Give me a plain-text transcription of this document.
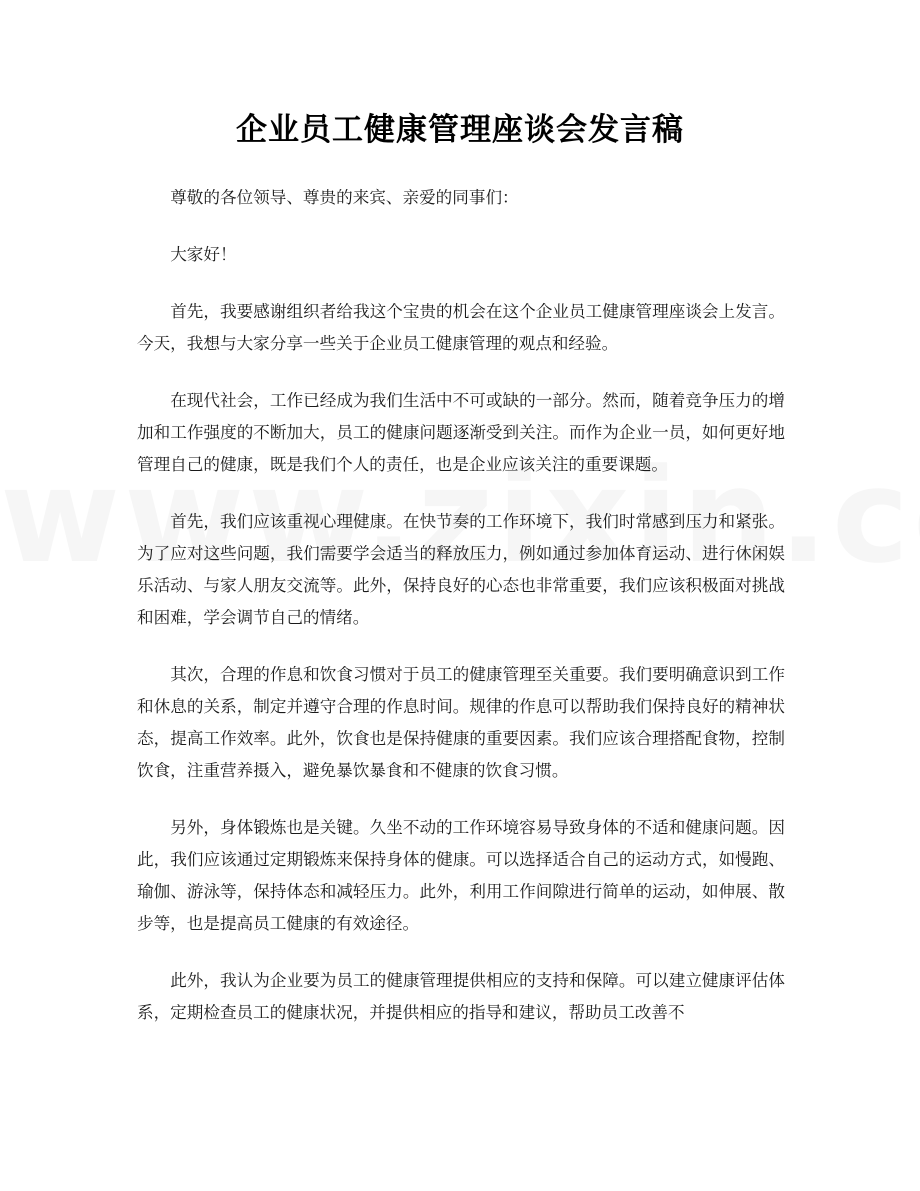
企业员工健康管理座谈会发言稿

尊敬的各位领导、尊贵的来宾、亲爱的同事们：

大家好！

首先，我要感谢组织者给我这个宝贵的机会在这个企业员工健康管理座谈会上发言。今天，我想与大家分享一些关于企业员工健康管理的观点和经验。

在现代社会，工作已经成为我们生活中不可或缺的一部分。然而，随着竞争压力的增加和工作强度的不断加大，员工的健康问题逐渐受到关注。而作为企业一员，如何更好地管理自己的健康，既是我们个人的责任，也是企业应该关注的重要课题。

首先，我们应该重视心理健康。在快节奏的工作环境下，我们时常感到压力和紧张。为了应对这些问题，我们需要学会适当的释放压力，例如通过参加体育运动、进行休闲娱乐活动、与家人朋友交流等。此外，保持良好的心态也非常重要，我们应该积极面对挑战和困难，学会调节自己的情绪。

其次，合理的作息和饮食习惯对于员工的健康管理至关重要。我们要明确意识到工作和休息的关系，制定并遵守合理的作息时间。规律的作息可以帮助我们保持良好的精神状态，提高工作效率。此外，饮食也是保持健康的重要因素。我们应该合理搭配食物，控制饮食，注重营养摄入，避免暴饮暴食和不健康的饮食习惯。

另外，身体锻炼也是关键。久坐不动的工作环境容易导致身体的不适和健康问题。因此，我们应该通过定期锻炼来保持身体的健康。可以选择适合自己的运动方式，如慢跑、瑜伽、游泳等，保持体态和减轻压力。此外，利用工作间隙进行简单的运动，如伸展、散步等，也是提高员工健康的有效途径。

此外，我认为企业要为员工的健康管理提供相应的支持和保障。可以建立健康评估体系，定期检查员工的健康状况，并提供相应的指导和建议，帮助员工改善不
